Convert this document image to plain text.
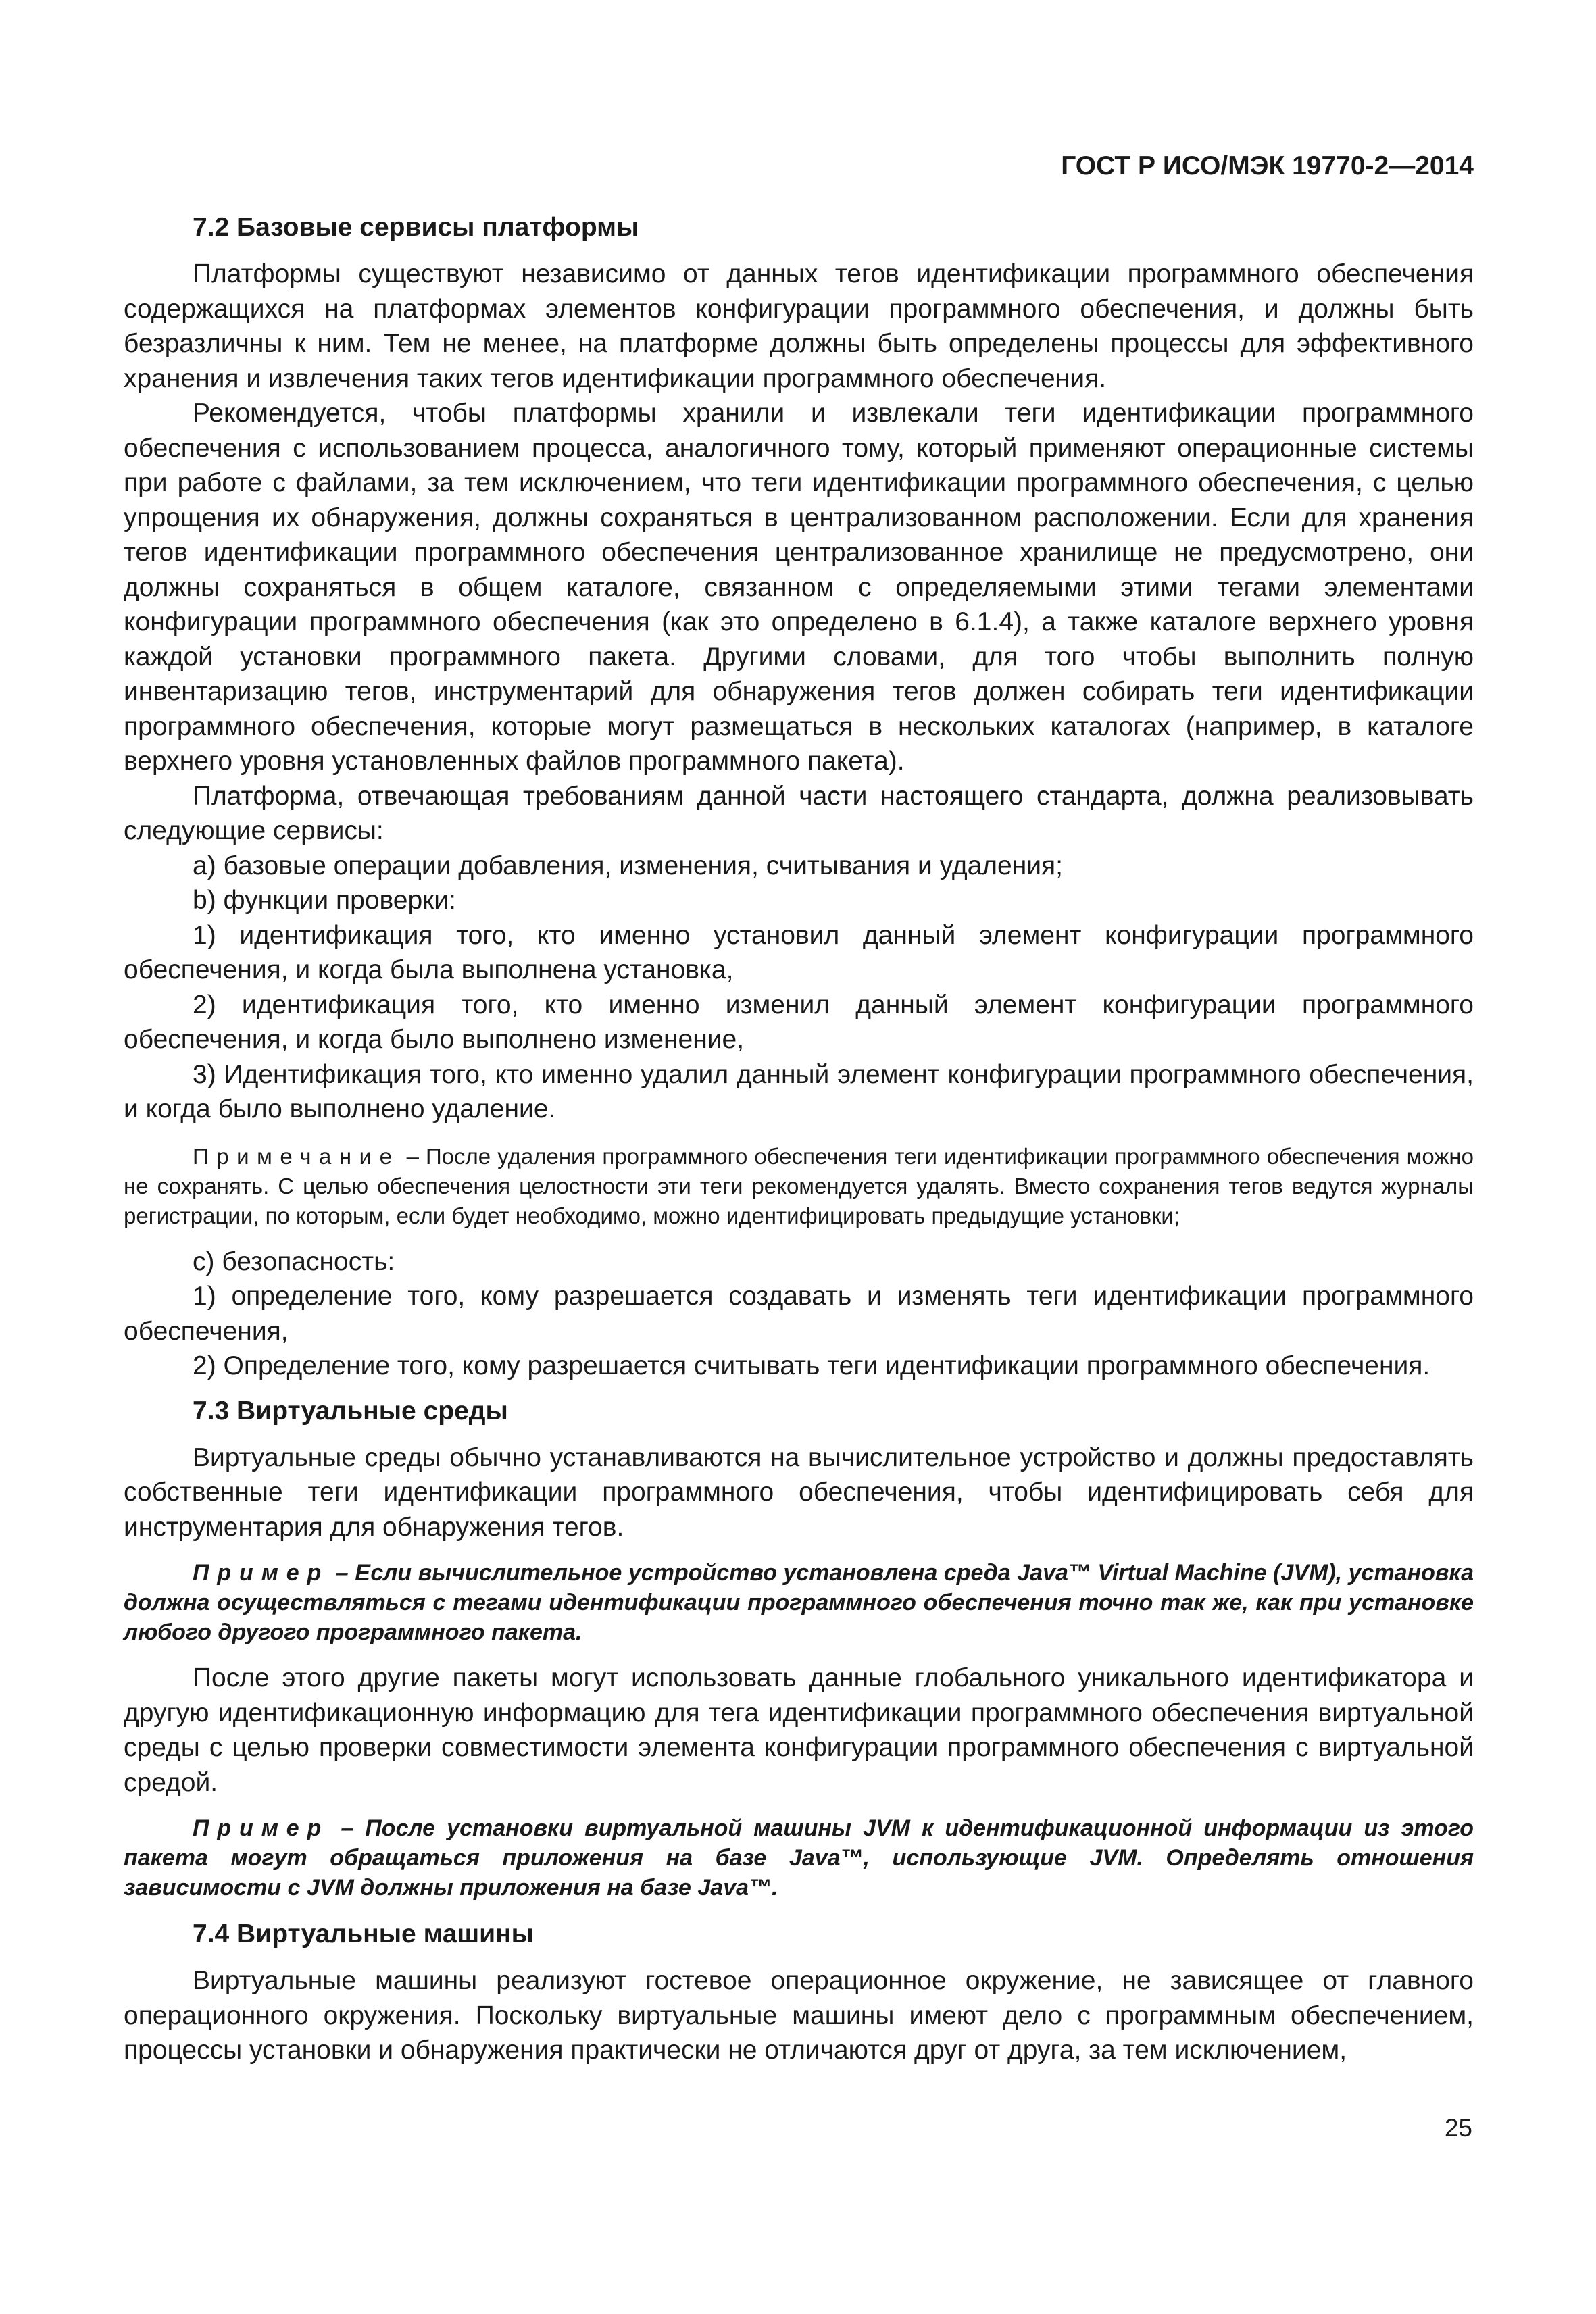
ГОСТ Р ИСО/МЭК 19770-2—2014
7.2 Базовые сервисы платформы

Платформы существуют независимо от данных тегов идентификации программного обеспечения содержащихся на платформах элементов конфигурации программного обеспечения, и должны быть безразличны к ним. Тем не менее, на платформе должны быть определены процессы для эффективного хранения и извлечения таких тегов идентификации программного обеспечения.

Рекомендуется, чтобы платформы хранили и извлекали теги идентификации программного обеспечения с использованием процесса, аналогичного тому, который применяют операционные системы при работе с файлами, за тем исключением, что теги идентификации программного обеспечения, с целью упрощения их обнаружения, должны сохраняться в централизованном расположении. Если для хранения тегов идентификации программного обеспечения централизованное хранилище не предусмотрено, они должны сохраняться в общем каталоге, связанном с определяемыми этими тегами элементами конфигурации программного обеспечения (как это определено в 6.1.4), а также каталоге верхнего уровня каждой установки программного пакета. Другими словами, для того чтобы выполнить полную инвентаризацию тегов, инструментарий для обнаружения тегов должен собирать теги идентификации программного обеспечения, которые могут размещаться в нескольких каталогах (например, в каталоге верхнего уровня установленных файлов программного пакета).

Платформа, отвечающая требованиям данной части настоящего стандарта, должна реализовывать следующие сервисы:

a) базовые операции добавления, изменения, считывания и удаления;

b) функции проверки:

1) идентификация того, кто именно установил данный элемент конфигурации программного обеспечения, и когда была выполнена установка,

2) идентификация того, кто именно изменил данный элемент конфигурации программного обеспечения, и когда было выполнено изменение,

3) Идентификация того, кто именно удалил данный элемент конфигурации программного обеспечения, и когда было выполнено удаление.

Примечание – После удаления программного обеспечения теги идентификации программного обеспечения можно не сохранять. С целью обеспечения целостности эти теги рекомендуется удалять. Вместо сохранения тегов ведутся журналы регистрации, по которым, если будет необходимо, можно идентифицировать предыдущие установки;

c) безопасность:

1) определение того, кому разрешается создавать и изменять теги идентификации программного обеспечения,

2) Определение того, кому разрешается считывать теги идентификации программного обеспечения.

7.3 Виртуальные среды

Виртуальные среды обычно устанавливаются на вычислительное устройство и должны предоставлять собственные теги идентификации программного обеспечения, чтобы идентифицировать себя для инструментария для обнаружения тегов.

Пример – Если вычислительное устройство установлена среда Java™ Virtual Machine (JVM), установка должна осуществляться с тегами идентификации программного обеспечения точно так же, как при установке любого другого программного пакета.

После этого другие пакеты могут использовать данные глобального уникального идентификатора и другую идентификационную информацию для тега идентификации программного обеспечения виртуальной среды с целью проверки совместимости элемента конфигурации программного обеспечения с виртуальной средой.

Пример – После установки виртуальной машины JVM к идентификационной информации из этого пакета могут обращаться приложения на базе Java™, использующие JVM. Определять отношения зависимости с JVM должны приложения на базе Java™.

7.4 Виртуальные машины

Виртуальные машины реализуют гостевое операционное окружение, не зависящее от главного операционного окружения. Поскольку виртуальные машины имеют дело с программным обеспечением, процессы установки и обнаружения практически не отличаются друг от друга, за тем исключением,

25
